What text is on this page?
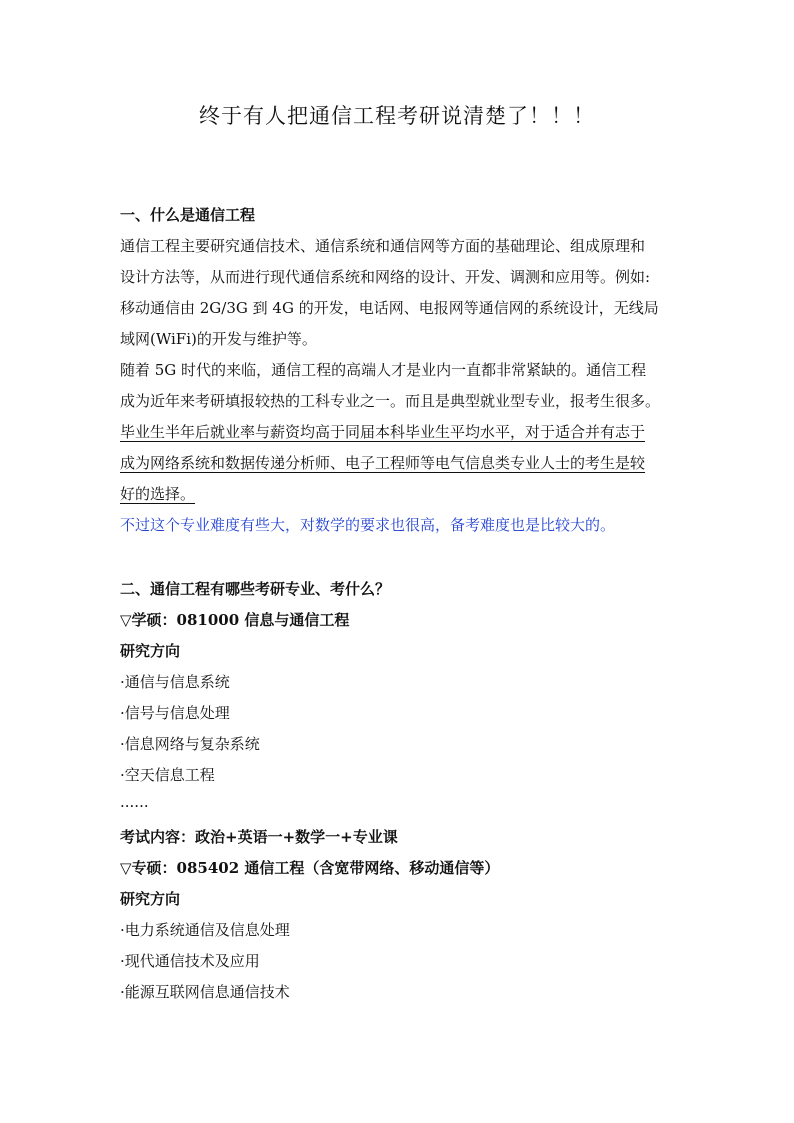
终于有人把通信工程考研说清楚了！！！
一、什么是通信工程
通信工程主要研究通信技术、通信系统和通信网等方面的基础理论、组成原理和
设计方法等，从而进行现代通信系统和网络的设计、开发、调测和应用等。例如:
移动通信由 2G/3G 到 4G 的开发，电话网、电报网等通信网的系统设计，无线局
域网(WiFi)的开发与维护等。
随着 5G 时代的来临，通信工程的高端人才是业内一直都非常紧缺的。通信工程
成为近年来考研填报较热的工科专业之一。而且是典型就业型专业，报考生很多。
毕业生半年后就业率与薪资均高于同届本科毕业生平均水平，对于适合并有志于
成为网络系统和数据传递分析师、电子工程师等电气信息类专业人士的考生是较
好的选择。
不过这个专业难度有些大，对数学的要求也很高，备考难度也是比较大的。
二、通信工程有哪些考研专业、考什么？
▽学硕：081000 信息与通信工程
研究方向
·通信与信息系统
·信号与信息处理
·信息网络与复杂系统
·空天信息工程
······
考试内容：政治+英语一+数学一+专业课
▽专硕：085402 通信工程（含宽带网络、移动通信等）
研究方向
·电力系统通信及信息处理
·现代通信技术及应用
·能源互联网信息通信技术
